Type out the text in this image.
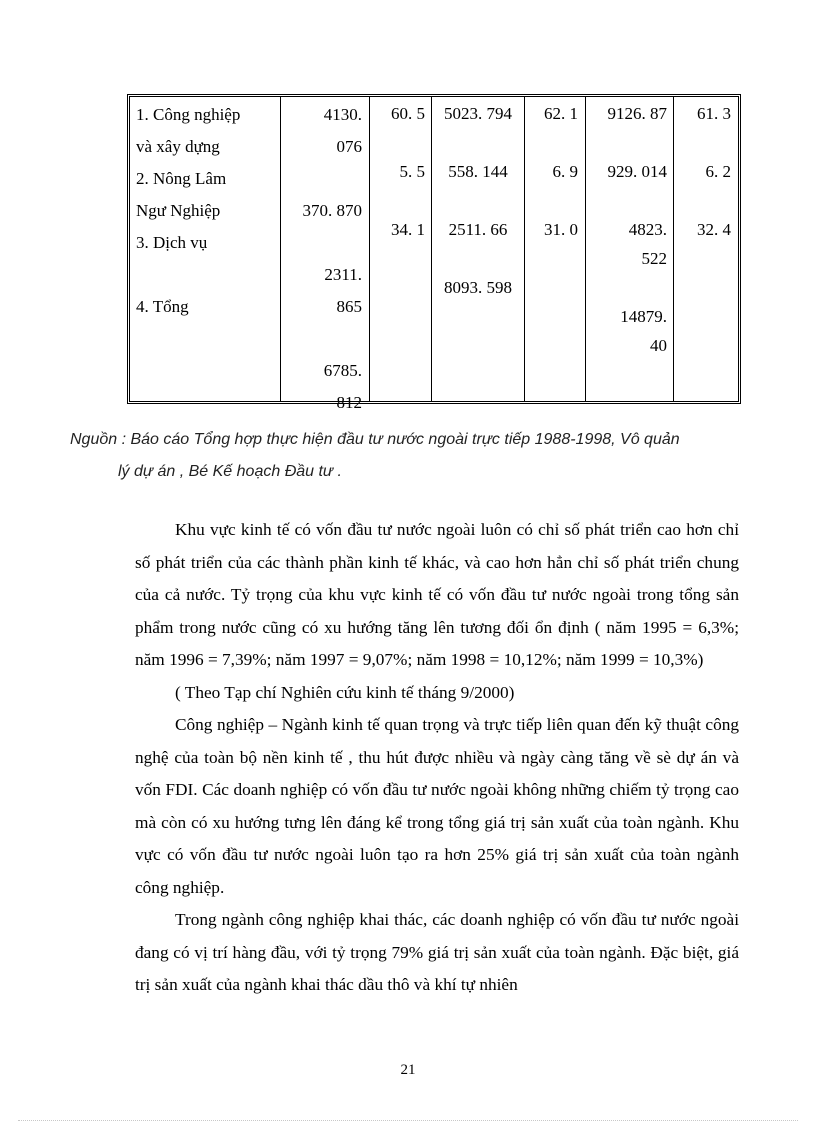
1. Công nghiệp
và xây dựng
2. Nông Lâm
Ngư Nghiệp
3. Dịch vụ
4. Tổng
4130.
076
370. 870
2311.
865
6785.
812
60. 5
5. 5
34. 1
5023. 794
558. 144
2511. 66
8093. 598
62. 1
6. 9
31. 0
9126. 87
929. 014
4823.
522
14879.
40
61. 3
6. 2
32. 4
Nguồn : Báo cáo Tổng hợp thực hiện đầu tư nước ngoài trực tiếp 1988-1998, Vô quản
lý dự án , Bé Kế hoạch Đầu tư .

Khu vực kinh tế có vốn đầu tư nước ngoài luôn có chỉ số phát triển cao hơn chỉ số phát triển của các thành phần kinh tế khác, và cao hơn hẳn chỉ số phát triển chung của cả nước. Tỷ trọng của khu vực kinh tế có vốn đầu tư nước ngoài trong tổng sản phẩm trong nước cũng có xu hướng tăng lên tương đối ổn định ( năm 1995 = 6,3%; năm 1996 = 7,39%; năm 1997 = 9,07%; năm 1998 = 10,12%; năm 1999 = 10,3%)

( Theo Tạp chí Nghiên cứu kinh tế tháng 9/2000)

Công nghiệp – Ngành kinh tế quan trọng và trực tiếp liên quan đến kỹ thuật công nghệ của toàn bộ nền kinh tế , thu hút được nhiều và ngày càng tăng về sè dự án và vốn FDI. Các doanh nghiệp có vốn đầu tư nước ngoài không những chiếm tỷ trọng cao mà còn có xu hướng tưng lên đáng kể trong tổng giá trị sản xuất của toàn ngành. Khu vực có vốn đầu tư nước ngoài luôn tạo ra hơn 25% giá trị sản xuất của toàn ngành công nghiệp.

Trong ngành công nghiệp khai thác, các doanh nghiệp có vốn đầu tư nước ngoài đang có vị trí hàng đầu, với tỷ trọng 79% giá trị sản xuất của toàn ngành. Đặc biệt, giá trị sản xuất của ngành khai thác dầu thô và khí tự nhiên

21
